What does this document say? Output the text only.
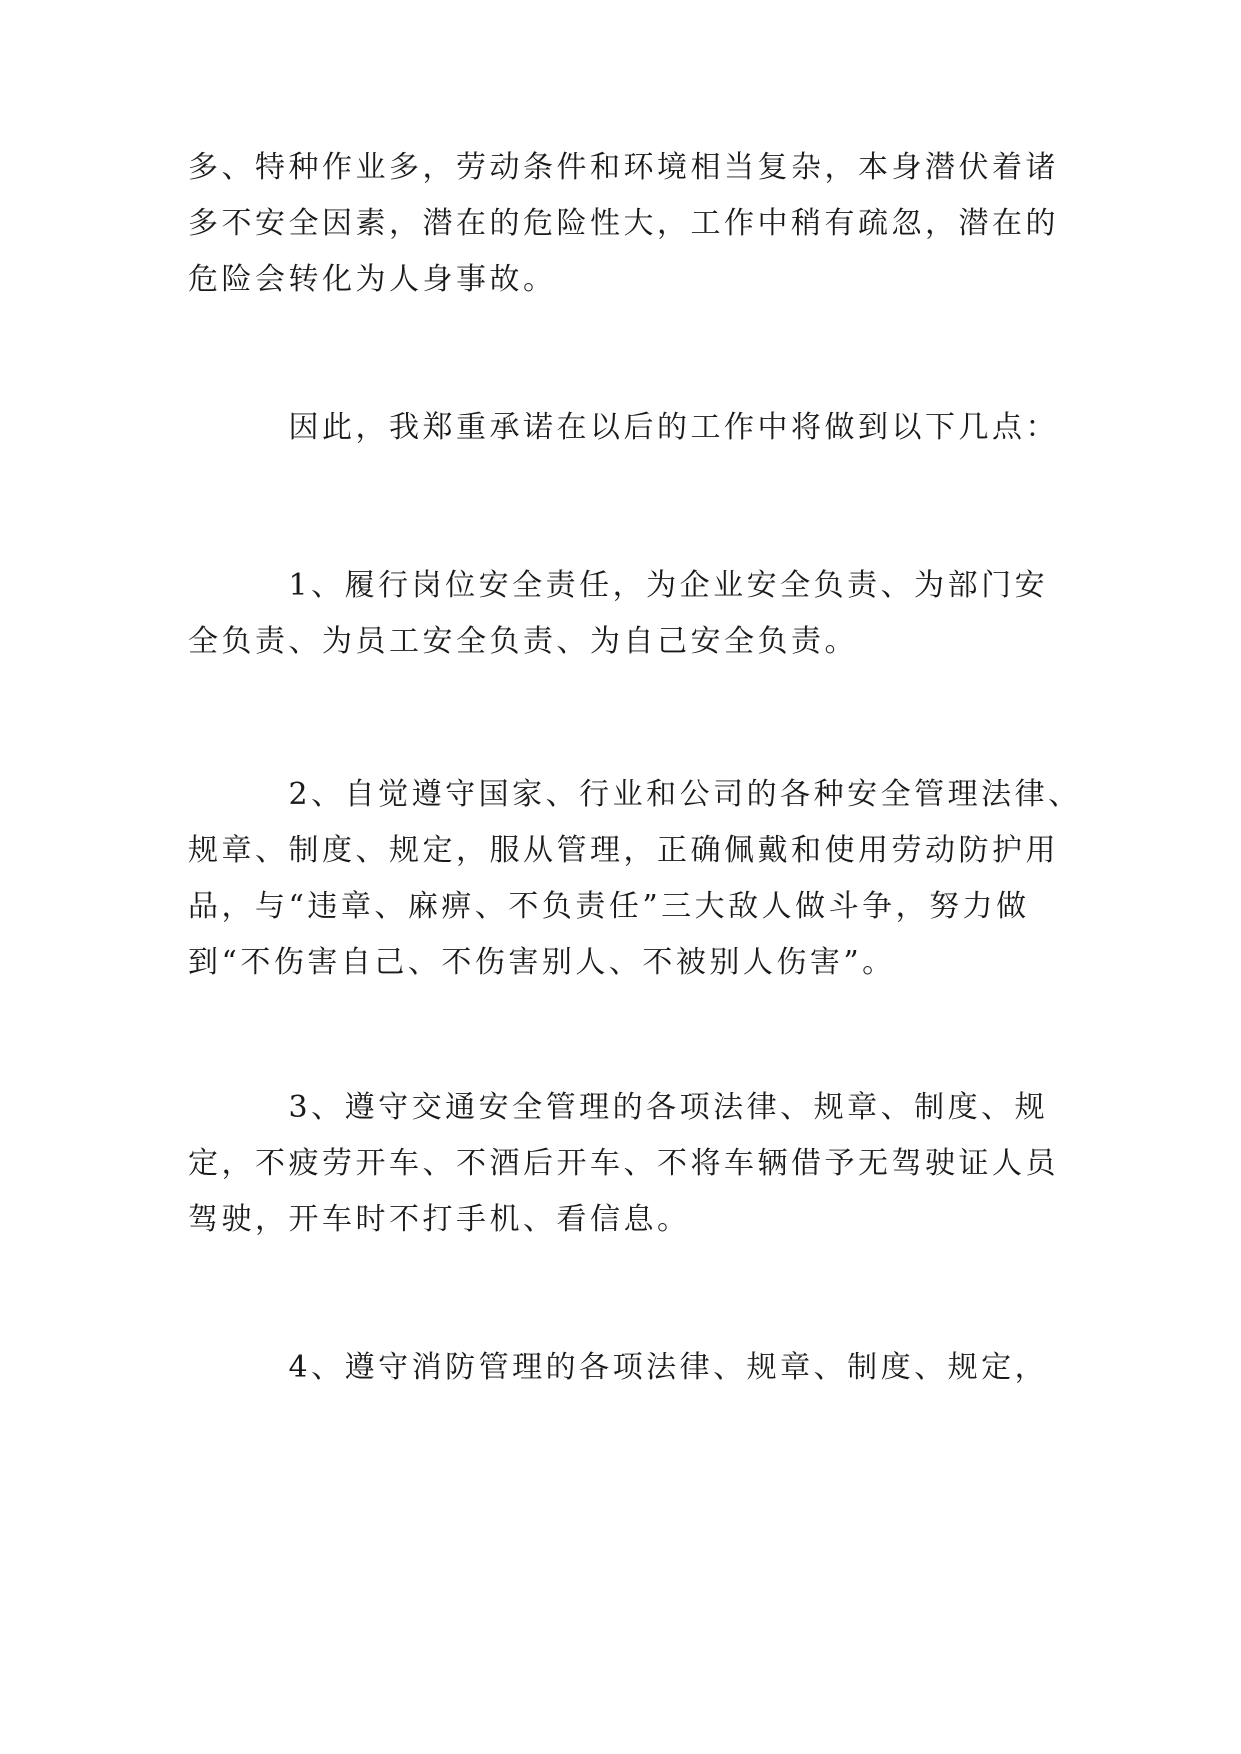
多、特种作业多，劳动条件和环境相当复杂，本身潜伏着诸
多不安全因素，潜在的危险性大，工作中稍有疏忽，潜在的
危险会转化为人身事故。

　　　因此，我郑重承诺在以后的工作中将做到以下几点：

　　　1、履行岗位安全责任，为企业安全负责、为部门安
全负责、为员工安全负责、为自己安全负责。

　　　2、自觉遵守国家、行业和公司的各种安全管理法律、
规章、制度、规定，服从管理，正确佩戴和使用劳动防护用
品，与“违章、麻痹、不负责任”三大敌人做斗争，努力做
到“不伤害自己、不伤害别人、不被别人伤害”。

　　　3、遵守交通安全管理的各项法律、规章、制度、规
定，不疲劳开车、不酒后开车、不将车辆借予无驾驶证人员
驾驶，开车时不打手机、看信息。

　　　4、遵守消防管理的各项法律、规章、制度、规定，
